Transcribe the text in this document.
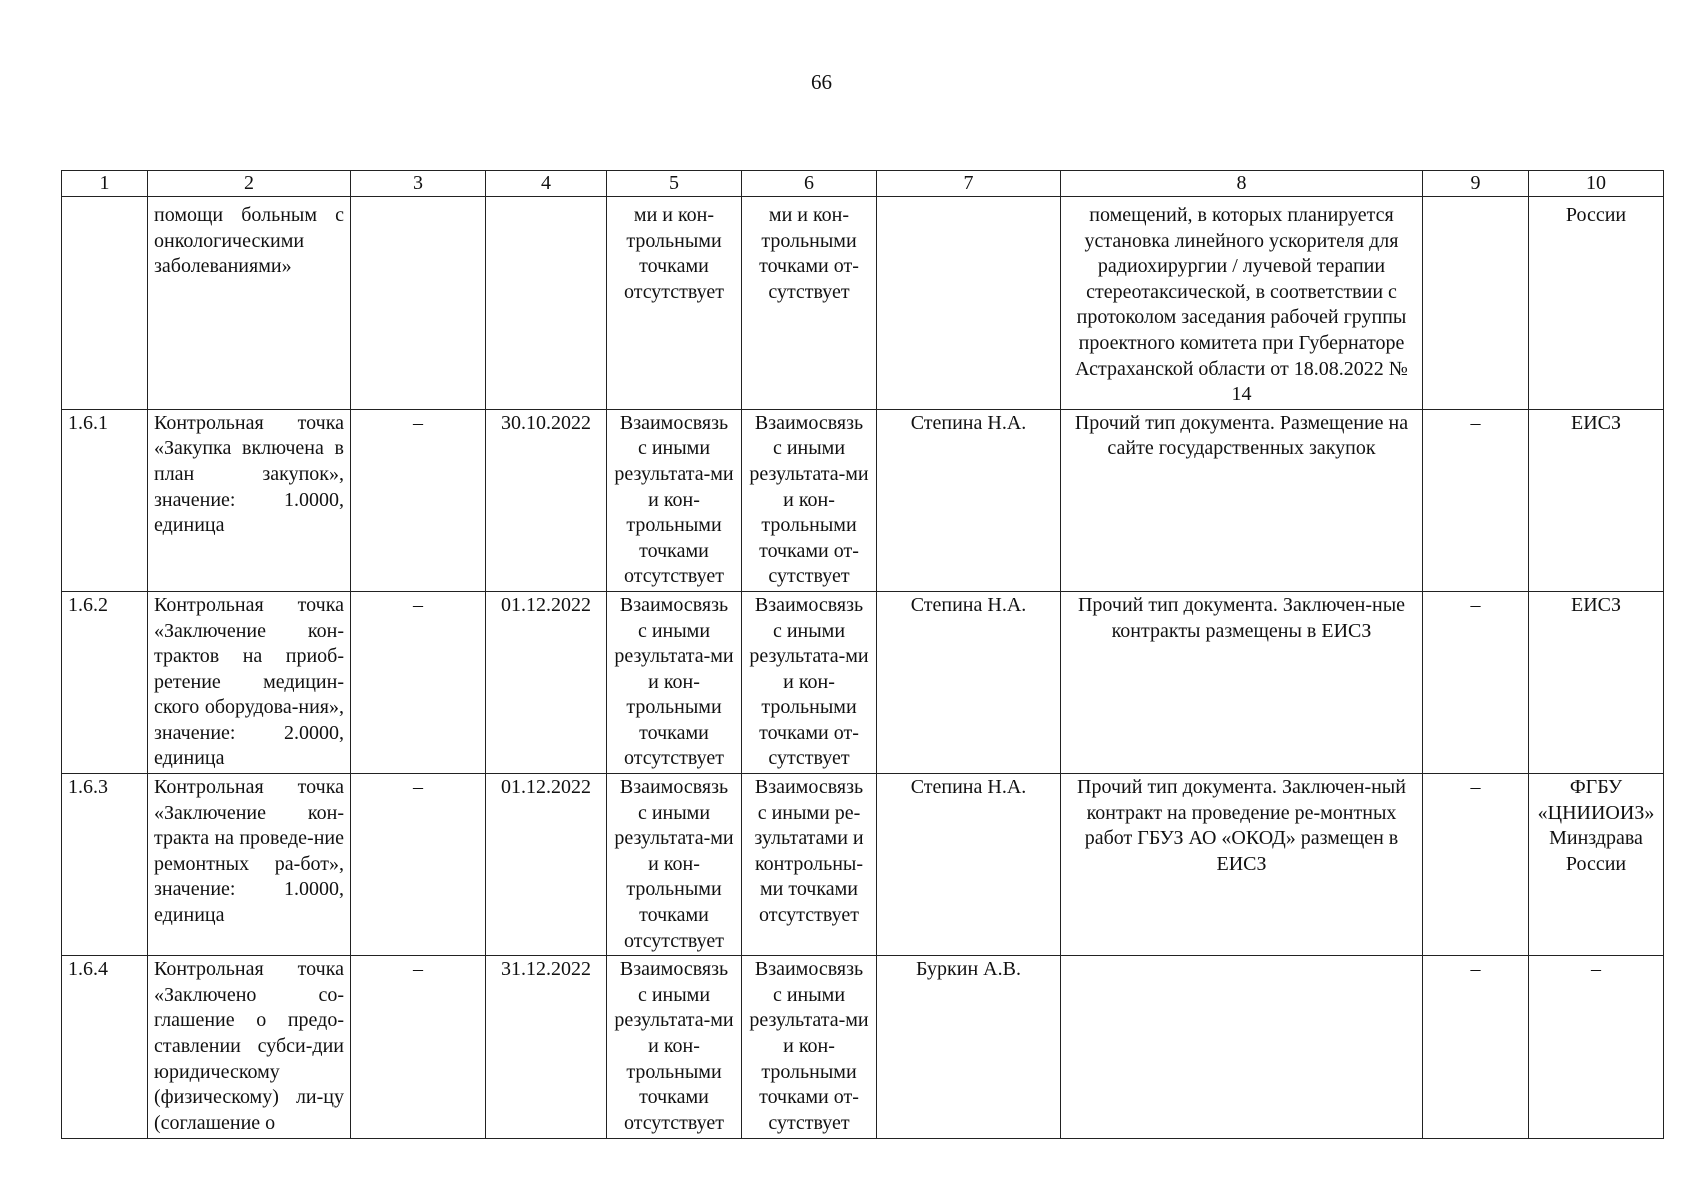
66
1	2	3	4	5	6	7	8	9	10
	помощи больным с онкологическими заболеваниями»			ми и кон-трольными точками отсутствует	ми и кон-трольными точками от-сутствует		помещений, в которых планируется установка линейного ускорителя для радиохирургии / лучевой терапии стереотаксической, в соответствии с протоколом заседания рабочей группы проектного комитета при Губернаторе Астраханской области от 18.08.2022 № 14		России
1.6.1	Контрольная точка «Закупка включена в план закупок», значение: 1.0000, единица	–	30.10.2022	Взаимосвязь с иными результата-ми и кон-трольными точками отсутствует	Взаимосвязь с иными результата-ми и кон-трольными точками от-сутствует	Степина Н.А.	Прочий тип документа. Размещение на сайте государственных закупок	–	ЕИСЗ
1.6.2	Контрольная точка «Заключение кон-трактов на приоб-ретение медицин-ского оборудова-ния», значение: 2.0000, единица	–	01.12.2022	Взаимосвязь с иными результата-ми и кон-трольными точками отсутствует	Взаимосвязь с иными результата-ми и кон-трольными точками от-сутствует	Степина Н.А.	Прочий тип документа. Заключен-ные контракты размещены в ЕИСЗ	–	ЕИСЗ
1.6.3	Контрольная точка «Заключение кон-тракта на проведе-ние ремонтных ра-бот», значение: 1.0000, единица	–	01.12.2022	Взаимосвязь с иными результата-ми и кон-трольными точками отсутствует	Взаимосвязь с иными ре-зультатами и контрольны-ми точками отсутствует	Степина Н.А.	Прочий тип документа. Заключен-ный контракт на проведение ре-монтных работ ГБУЗ АО «ОКОД» размещен в ЕИСЗ	–	ФГБУ «ЦНИИОИЗ» Минздрава России
1.6.4	Контрольная точка «Заключено со-глашение о предо-ставлении субси-дии юридическому (физическому) ли-цу (соглашение о	–	31.12.2022	Взаимосвязь с иными результата-ми и кон-трольными точками отсутствует	Взаимосвязь с иными результата-ми и кон-трольными точками от-сутствует	Буркин А.В.		–	–
